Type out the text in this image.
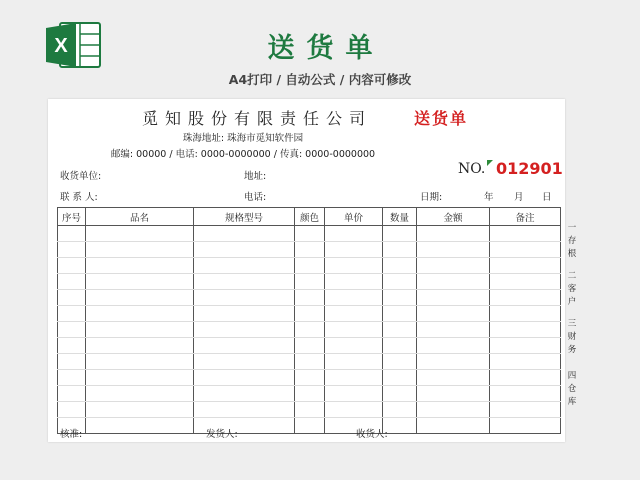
X	送货单
A4打印 / 自动公式 / 内容可修改
觅知股份有限责任公司	送货单
珠海地址: 珠海市觅知软件园
邮编: 00000 / 电话: 0000-0000000 / 传真: 0000-0000000
NO. 012901
收货单位:	地址:
联 系 人:	电话:	日期:	年 月 日
序号	品名	规格型号	颜色	单价	数量	金额	备注

核准:	发货人:	收货人:
一
存
根
二
客
户
三
财
务
四
仓
库
